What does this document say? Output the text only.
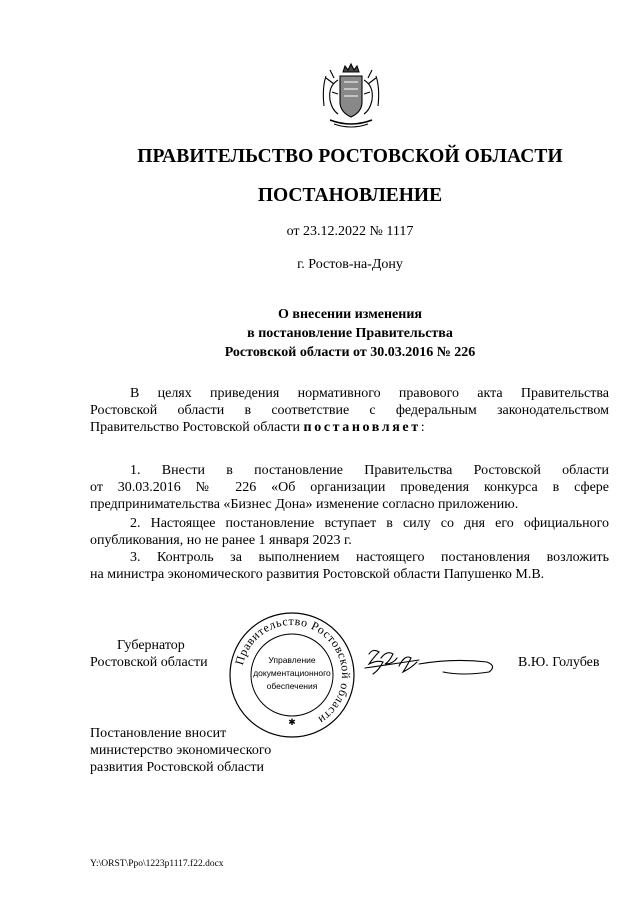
ПРАВИТЕЛЬСТВО РОСТОВСКОЙ ОБЛАСТИ
ПОСТАНОВЛЕНИЕ
от 23.12.2022 № 1117
г. Ростов-на-Дону
О внесении изменения
в постановление Правительства
Ростовской области от 30.03.2016 № 226
В целях приведения нормативного правового акта Правительства
Ростовской области в соответствие с федеральным законодательством
Правительство Ростовской области постановляет:
1. Внести в постановление Правительства Ростовской области
от 30.03.2016 № 226 «Об организации проведения конкурса в сфере
предпринимательства «Бизнес Дона» изменение согласно приложению.
2. Настоящее постановление вступает в силу со дня его официального
опубликования, но не ранее 1 января 2023 г.
3. Контроль за выполнением настоящего постановления возложить
на министра экономического развития Ростовской области Папушенко М.В.
Губернатор
Ростовской области Правительство Ростовской области
Управление
документационного
обеспечения
✱
В.Ю. Голубев
Постановление вносит
министерство экономического
развития Ростовской области
Y:\ORST\Ppo\1223p1117.f22.docx
